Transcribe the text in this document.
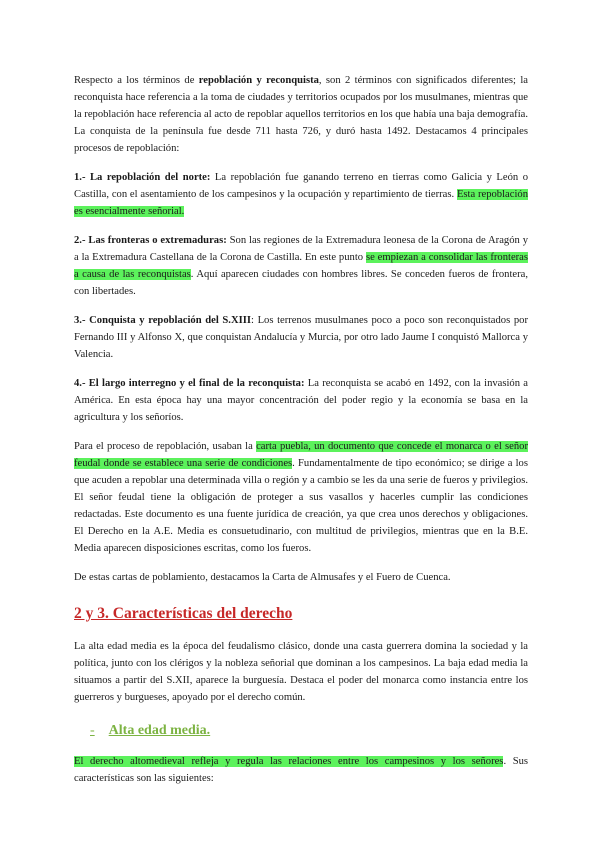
Respecto a los términos de repoblación y reconquista, son 2 términos con significados diferentes; la reconquista hace referencia a la toma de ciudades y territorios ocupados por los musulmanes, mientras que la repoblación hace referencia al acto de repoblar aquellos territorios en los que había una baja demografía. La conquista de la península fue desde 711 hasta 726, y duró hasta 1492. Destacamos 4 principales procesos de repoblación:

1.- La repoblación del norte: La repoblación fue ganando terreno en tierras como Galicia y León o Castilla, con el asentamiento de los campesinos y la ocupación y repartimiento de tierras. Esta repoblación es esencialmente señorial.

2.- Las fronteras o extremaduras: Son las regiones de la Extremadura leonesa de la Corona de Aragón y a la Extremadura Castellana de la Corona de Castilla. En este punto se empiezan a consolidar las fronteras a causa de las reconquistas. Aquí aparecen ciudades con hombres libres. Se conceden fueros de frontera, con libertades.

3.- Conquista y repoblación del S.XIII: Los terrenos musulmanes poco a poco son reconquistados por Fernando III y Alfonso X, que conquistan Andalucía y Murcia, por otro lado Jaume I conquistó Mallorca y Valencia.

4.- El largo interregno y el final de la reconquista: La reconquista se acabó en 1492, con la invasión a América. En esta época hay una mayor concentración del poder regio y la economía se basa en la agricultura y los señoríos.

Para el proceso de repoblación, usaban la carta puebla, un documento que concede el monarca o el señor feudal donde se establece una serie de condiciones. Fundamentalmente de tipo económico; se dirige a los que acuden a repoblar una determinada villa o región y a cambio se les da una serie de fueros y privilegios. El señor feudal tiene la obligación de proteger a sus vasallos y hacerles cumplir las condiciones redactadas. Este documento es una fuente jurídica de creación, ya que crea unos derechos y obligaciones. El Derecho en la A.E. Media es consuetudinario, con multitud de privilegios, mientras que en la B.E. Media aparecen disposiciones escritas, como los fueros.

De estas cartas de poblamiento, destacamos la Carta de Almusafes y el Fuero de Cuenca.

2 y 3. Características del derecho

La alta edad media es la época del feudalismo clásico, donde una casta guerrera domina la sociedad y la política, junto con los clérigos y la nobleza señorial que dominan a los campesinos. La baja edad media la situamos a partir del S.XII, aparece la burguesía. Destaca el poder del monarca como instancia entre los guerreros y burgueses, apoyado por el derecho común.

- Alta edad media.

El derecho altomedieval refleja y regula las relaciones entre los campesinos y los señores. Sus características son las siguientes:
